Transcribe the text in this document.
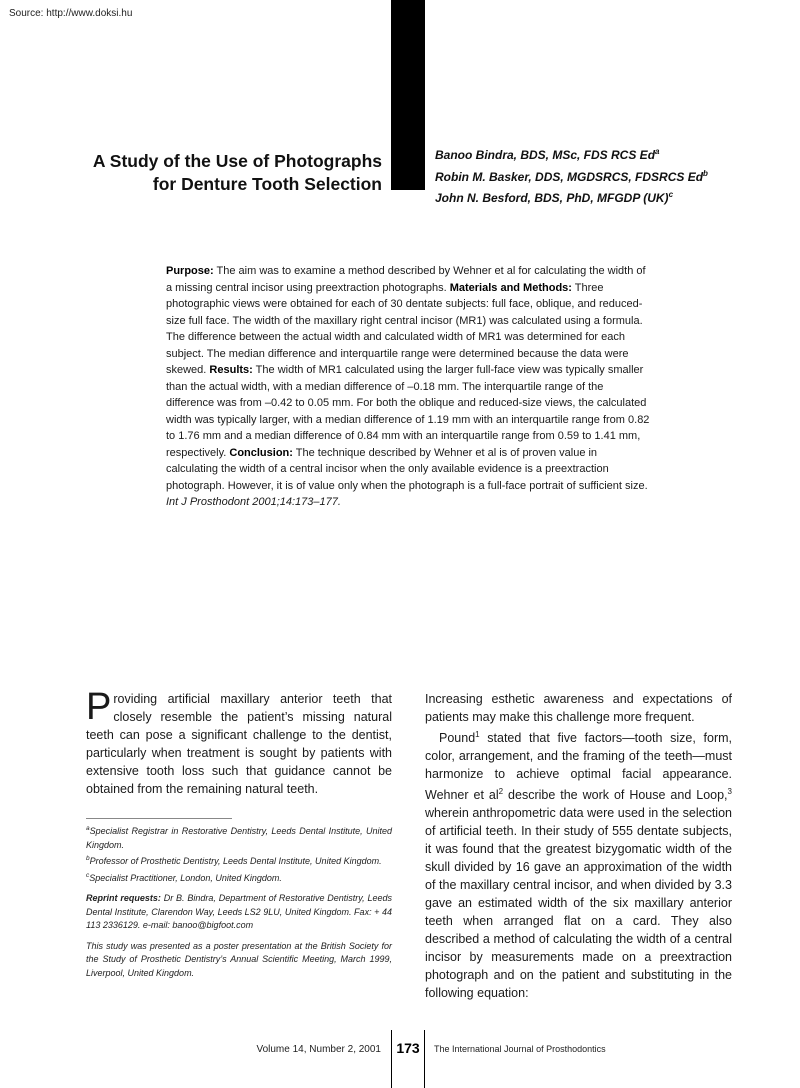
Source: http://www.doksi.hu
A Study of the Use of Photographs
for Denture Tooth Selection
Banoo Bindra, BDS, MSc, FDS RCS Ed$^a$
Robin M. Basker, DDS, MGDSRCS, FDSRCS Ed$^b$
John N. Besford, BDS, PhD, MFGDP (UK)$^c$
Purpose: The aim was to examine a method described by Wehner et al for calculating the width of a missing central incisor using preextraction photographs. Materials and Methods: Three photographic views were obtained for each of 30 dentate subjects: full face, oblique, and reduced-size full face. The width of the maxillary right central incisor (MR1) was calculated using a formula. The difference between the actual width and calculated width of MR1 was determined for each subject. The median difference and interquartile range were determined because the data were skewed. Results: The width of MR1 calculated using the larger full-face view was typically smaller than the actual width, with a median difference of –0.18 mm. The interquartile range of the difference was from –0.42 to 0.05 mm. For both the oblique and reduced-size views, the calculated width was typically larger, with a median difference of 1.19 mm with an interquartile range from 0.82 to 1.76 mm and a median difference of 0.84 mm with an interquartile range from 0.59 to 1.41 mm, respectively. Conclusion: The technique described by Wehner et al is of proven value in calculating the width of a central incisor when the only available evidence is a preextraction photograph. However, it is of value only when the photograph is a full-face portrait of sufficient size. Int J Prosthodont 2001;14:173–177.
Providing artificial maxillary anterior teeth that closely resemble the patient’s missing natural teeth can pose a significant challenge to the dentist, particularly when treatment is sought by patients with extensive tooth loss such that guidance cannot be obtained from the remaining natural teeth.

$^a$Specialist Registrar in Restorative Dentistry, Leeds Dental Institute, United Kingdom.

$^b$Professor of Prosthetic Dentistry, Leeds Dental Institute, United Kingdom.

$^c$Specialist Practitioner, London, United Kingdom.

Reprint requests: Dr B. Bindra, Department of Restorative Dentistry, Leeds Dental Institute, Clarendon Way, Leeds LS2 9LU, United Kingdom. Fax: + 44 113 2336129. e-mail: banoo@bigfoot.com

This study was presented as a poster presentation at the British Society for the Study of Prosthetic Dentistry’s Annual Scientific Meeting, March 1999, Liverpool, United Kingdom.

Increasing esthetic awareness and expectations of patients may make this challenge more frequent.

Pound$^1$ stated that five factors—tooth size, form, color, arrangement, and the framing of the teeth—must harmonize to achieve optimal facial appearance. Wehner et $al^2$ describe the work of House and Loop,$^3$ wherein anthropometric data were used in the selection of artificial teeth. In their study of 555 dentate subjects, it was found that the greatest bizygomatic width of the skull divided by 16 gave an approximation of the width of the maxillary central incisor, and when divided by 3.3 gave an estimated width of the six maxillary anterior teeth when arranged flat on a card. They also described a method of calculating the width of a central incisor by measurements made on a preextraction photograph and on the patient and substituting in the following equation:

Volume 14, Number 2, 2001	173	The International Journal of Prosthodontics
